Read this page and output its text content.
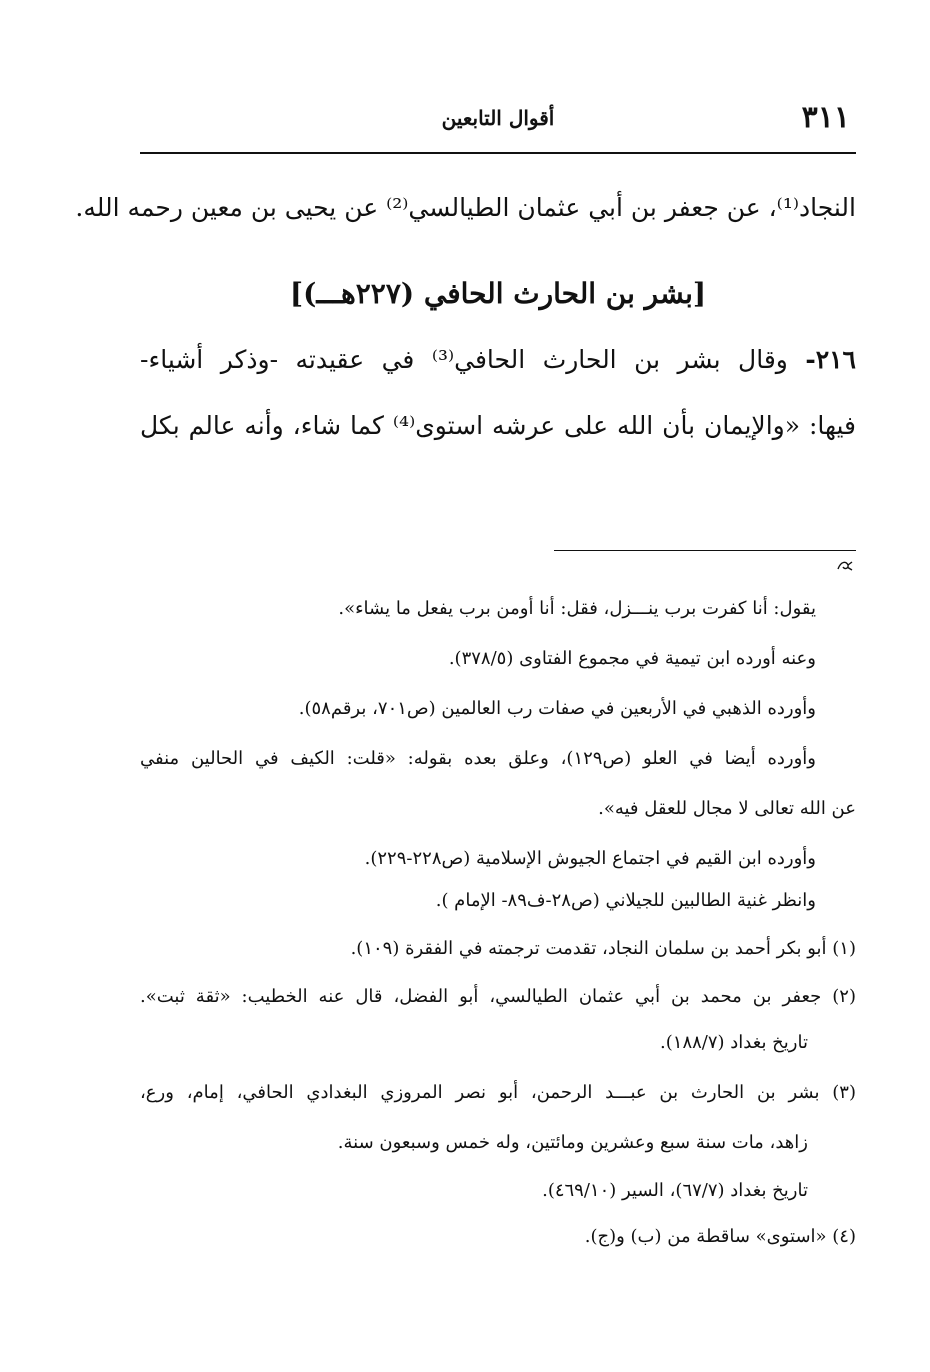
٣١١
أقوال التابعين
النجاد⁽¹⁾، عن جعفر بن أبي عثمان الطيالسي⁽²⁾ عن يحيى بن معين رحمه الله.
[بشر بن الحارث الحافي (٢٢٧هـــ)]
٢١٦- وقال بشر بن الحارث الحافي⁽³⁾ في عقيدته -وذكر أشياء-
فيها: «والإيمان بأن الله على عرشه استوى⁽⁴⁾ كما شاء، وأنه عالم بكل
يقول: أنا كفرت برب ينـــزل، فقل: أنا أومن برب يفعل ما يشاء».
وعنه أورده ابن تيمية في مجموع الفتاوى (٣٧٨/٥).
وأورده الذهبي في الأربعين في صفات رب العالمين (ص٧٠١، برقم٥٨).
وأورده أيضا في العلو (ص١٢٩)، وعلق بعده بقوله: «قلت: الكيف في الحالين منفي
عن الله تعالى لا مجال للعقل فيه».
وأورده ابن القيم في اجتماع الجيوش الإسلامية (ص٢٢٨-٢٢٩).
وانظر غنية الطالبين للجيلاني (ص٢٨-ف٨٩- الإمام ).
(١) أبو بكر أحمد بن سلمان النجاد، تقدمت ترجمته في الفقرة (١٠٩).
(٢) جعفر بن محمد بن أبي عثمان الطيالسي، أبو الفضل، قال عنه الخطيب: «ثقة ثبت».
تاريخ بغداد (١٨٨/٧).
(٣) بشر بن الحارث بن عبـــد الرحمن، أبو نصر المروزي البغدادي الحافي، إمام، ورع،
زاهد، مات سنة سبع وعشرين ومائتين، وله خمس وسبعون سنة.
تاريخ بغداد (٦٧/٧)، السير (٤٦٩/١٠).
(٤) «استوى» ساقطة من (ب) و(ج).
